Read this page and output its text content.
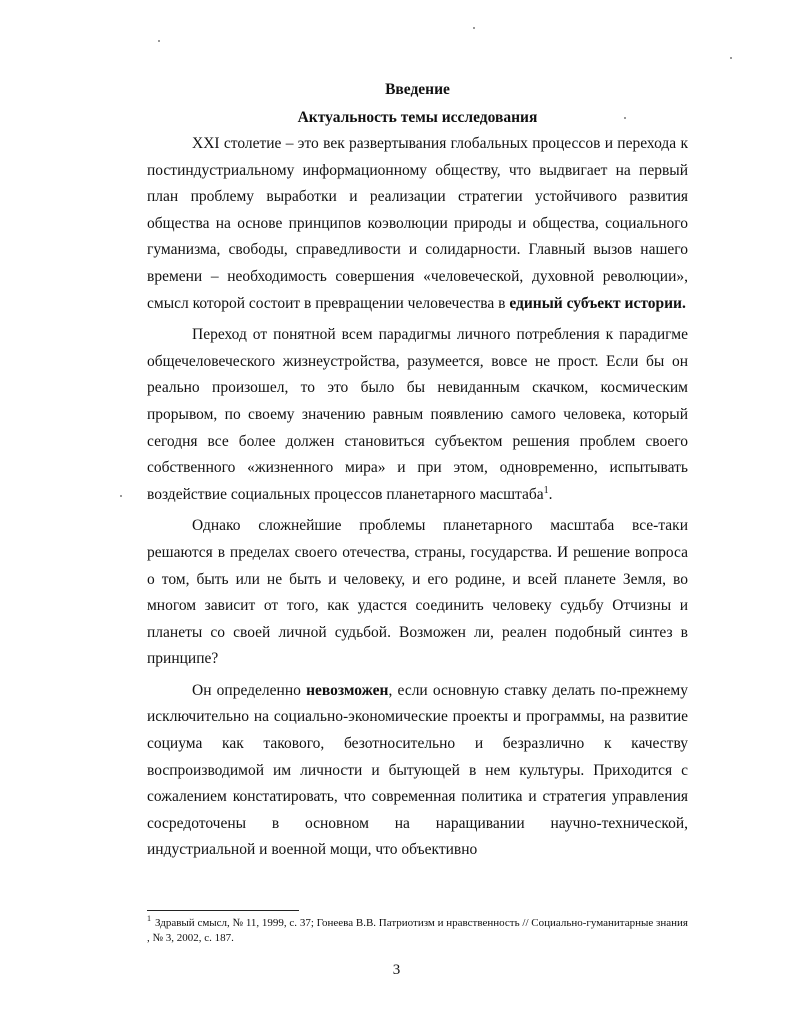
Введение
Актуальность темы исследования

XXI столетие – это век развертывания глобальных процессов и перехода к постиндустриальному информационному обществу, что выдвигает на первый план проблему выработки и реализации стратегии устойчивого развития общества на основе принципов коэволюции природы и общества, социального гуманизма, свободы, справедливости и солидарности. Главный вызов нашего времени – необходимость совершения «человеческой, духовной революции», смысл которой состоит в превращении человечества в единый субъект истории.

Переход от понятной всем парадигмы личного потребления к парадигме общечеловеческого жизнеустройства, разумеется, вовсе не прост. Если бы он реально произошел, то это было бы невиданным скачком, космическим прорывом, по своему значению равным появлению самого человека, который сегодня все более должен становиться субъектом решения проблем своего собственного «жизненного мира» и при этом, одновременно, испытывать воздействие социальных процессов планетарного масштаба$^1$.

Однако сложнейшие проблемы планетарного масштаба все-таки решаются в пределах своего отечества, страны, государства. И решение вопроса о том, быть или не быть и человеку, и его родине, и всей планете Земля, во многом зависит от того, как удастся соединить человеку судьбу Отчизны и планеты со своей личной судьбой. Возможен ли, реален подобный синтез в принципе?

Он определенно невозможен, если основную ставку делать по-прежнему исключительно на социально-экономические проекты и программы, на развитие социума как такового, безотносительно и безразлично к качеству воспроизводимой им личности и бытующей в нем культуры. Приходится с сожалением констатировать, что современная политика и стратегия управления сосредоточены в основном на наращивании научно-технической, индустриальной и военной мощи, что объективно

$^1$ Здравый смысл, № 11, 1999, с. 37; Гонеева В.В. Патриотизм и нравственность // Социально-гуманитарные знания , № 3, 2002, с. 187.

3
